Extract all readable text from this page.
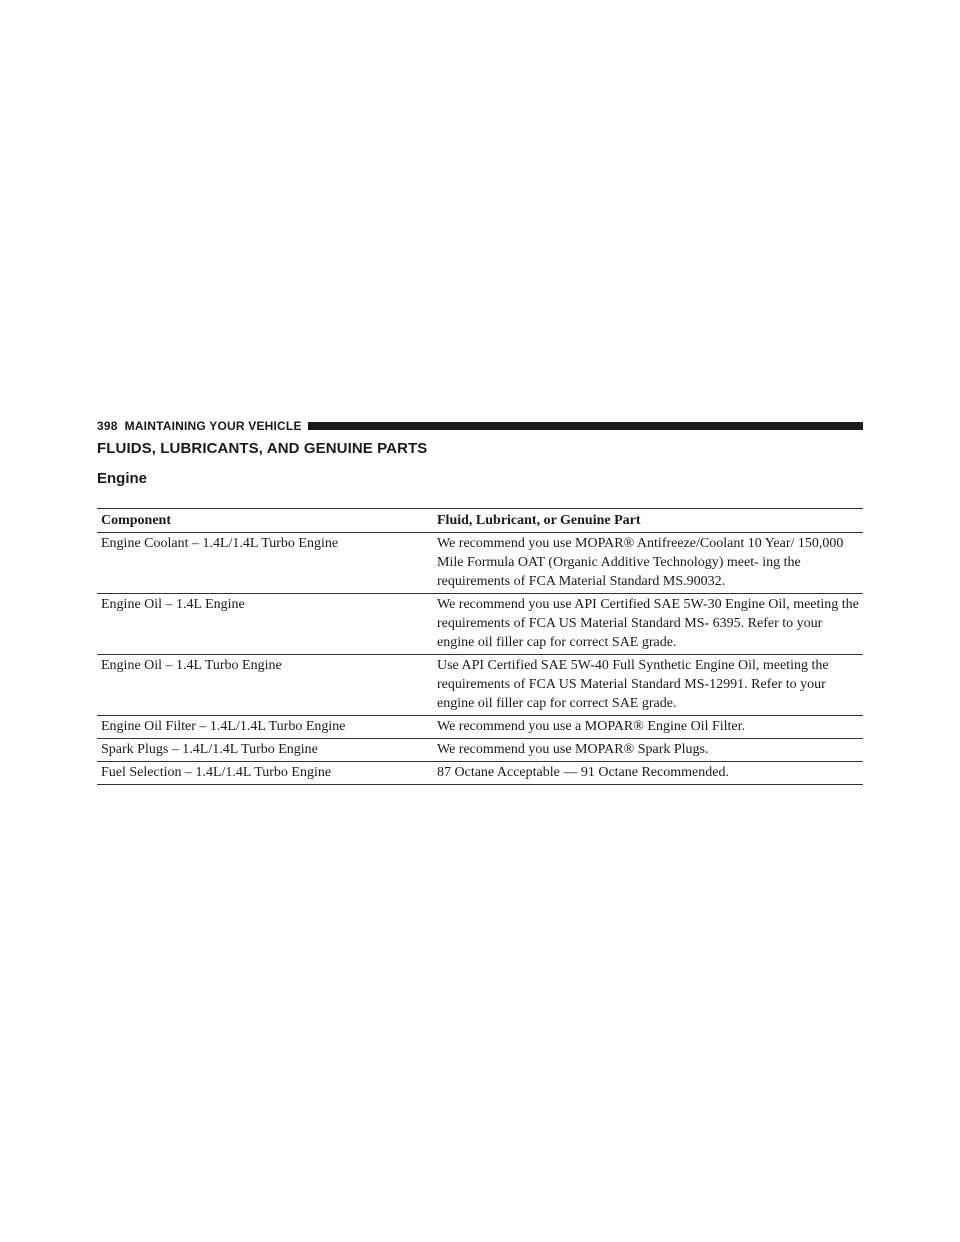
398 MAINTAINING YOUR VEHICLE
FLUIDS, LUBRICANTS, AND GENUINE PARTS
Engine
Component	Fluid, Lubricant, or Genuine Part
Engine Coolant – 1.4L/1.4L Turbo Engine	We recommend you use MOPAR® Antifreeze/Coolant 10 Year/ 150,000 Mile Formula OAT (Organic Additive Technology) meet- ing the requirements of FCA Material Standard MS.90032.
Engine Oil – 1.4L Engine	We recommend you use API Certified SAE 5W-30 Engine Oil, meeting the requirements of FCA US Material Standard MS- 6395. Refer to your engine oil filler cap for correct SAE grade.
Engine Oil – 1.4L Turbo Engine	Use API Certified SAE 5W-40 Full Synthetic Engine Oil, meeting the requirements of FCA US Material Standard MS-12991. Refer to your engine oil filler cap for correct SAE grade.
Engine Oil Filter – 1.4L/1.4L Turbo Engine	We recommend you use a MOPAR® Engine Oil Filter.
Spark Plugs – 1.4L/1.4L Turbo Engine	We recommend you use MOPAR® Spark Plugs.
Fuel Selection – 1.4L/1.4L Turbo Engine	87 Octane Acceptable — 91 Octane Recommended.
